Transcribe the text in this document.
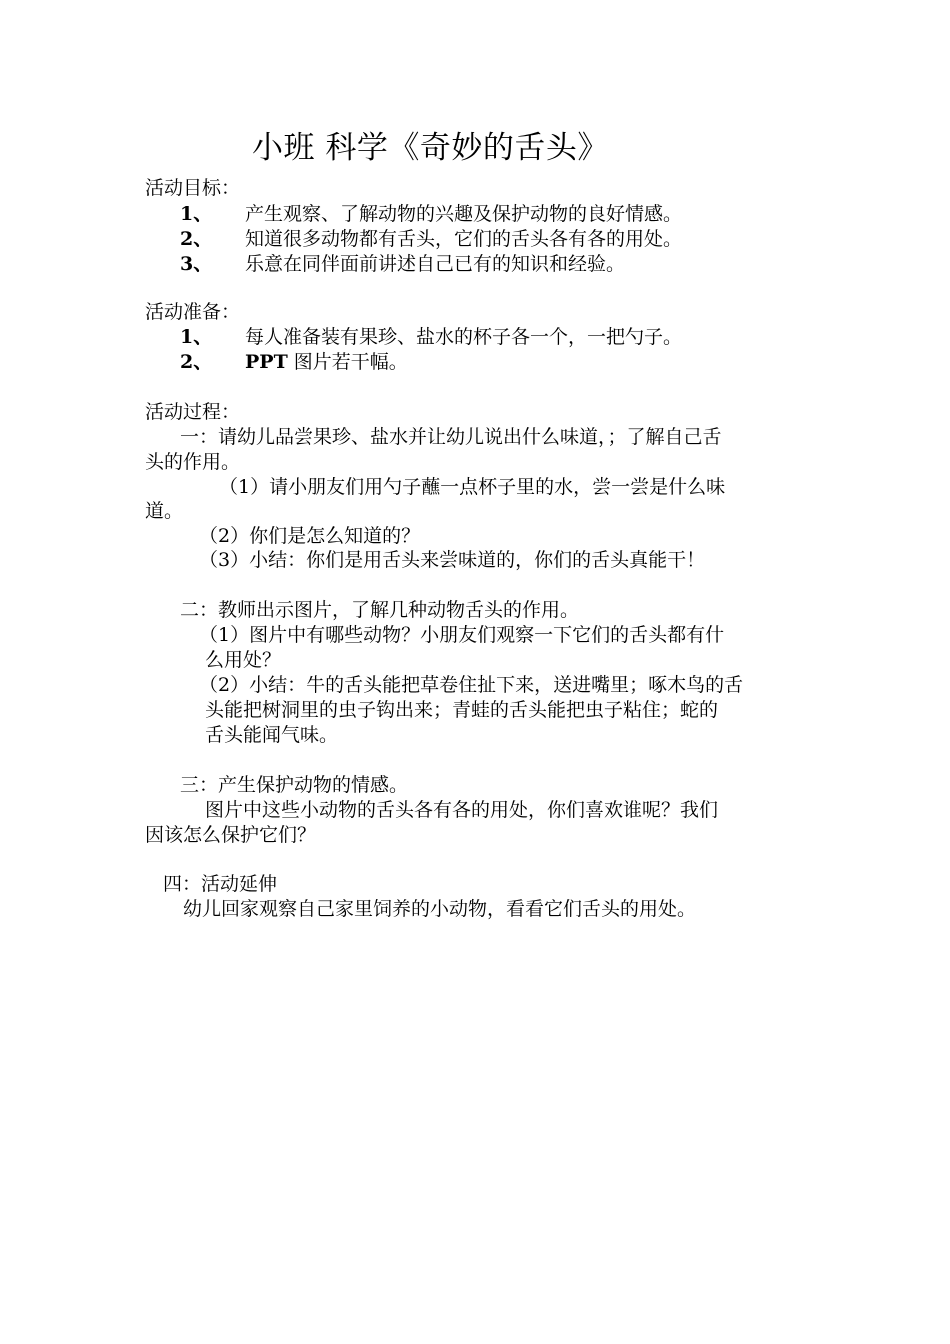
小班 科学《奇妙的舌头》
活动目标：
1、 产生观察、了解动物的兴趣及保护动物的良好情感。
2、 知道很多动物都有舌头，它们的舌头各有各的用处。
3、 乐意在同伴面前讲述自己已有的知识和经验。
活动准备：
1、 每人准备装有果珍、盐水的杯子各一个，一把勺子。
2、 PPT 图片若干幅。
活动过程：
一：请幼儿品尝果珍、盐水并让幼儿说出什么味道，；了解自己舌
头的作用。
（1）请小朋友们用勺子蘸一点杯子里的水，尝一尝是什么味
道。
（2）你们是怎么知道的？
（3）小结：你们是用舌头来尝味道的，你们的舌头真能干！
二：教师出示图片，了解几种动物舌头的作用。
（1）图片中有哪些动物？小朋友们观察一下它们的舌头都有什
么用处？
（2）小结：牛的舌头能把草卷住扯下来，送进嘴里；啄木鸟的舌
头能把树洞里的虫子钩出来；青蛙的舌头能把虫子粘住；蛇的
舌头能闻气味。
三：产生保护动物的情感。
图片中这些小动物的舌头各有各的用处，你们喜欢谁呢？我们
因该怎么保护它们？
四：活动延伸
幼儿回家观察自己家里饲养的小动物，看看它们舌头的用处。
